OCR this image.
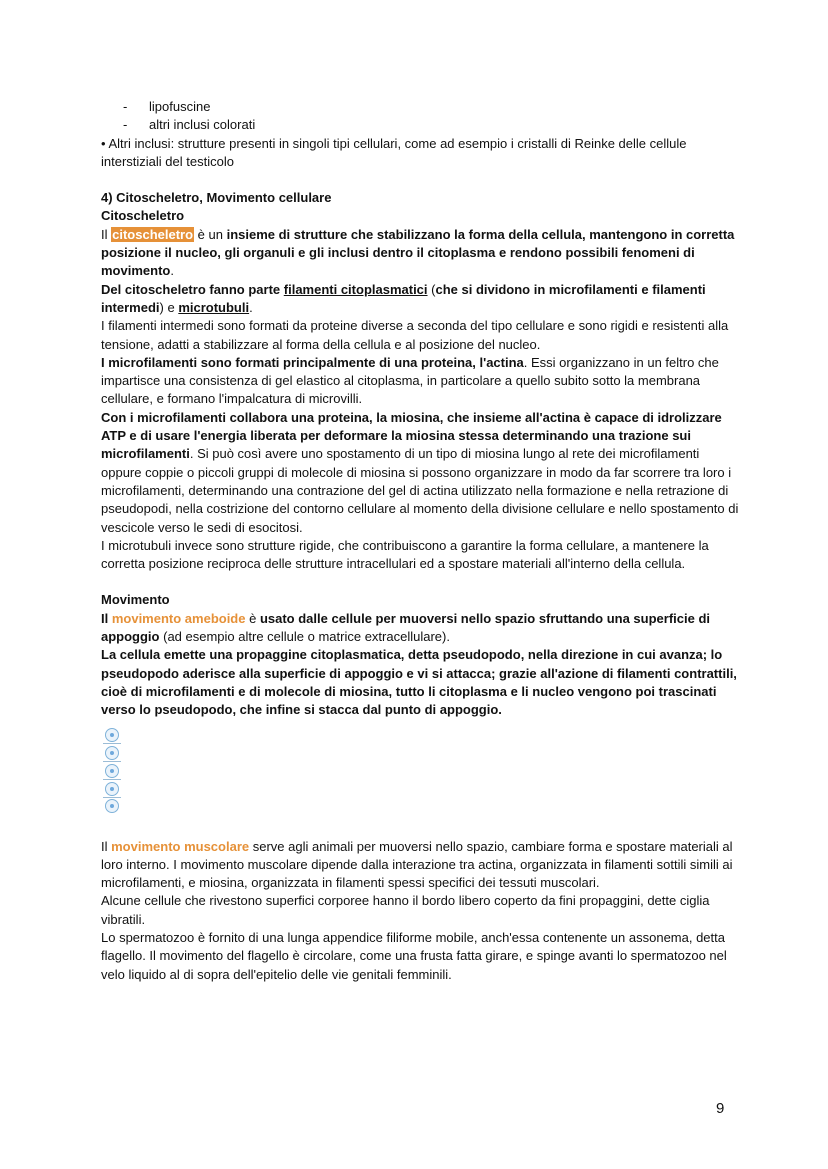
- lipofuscine
- altri inclusi colorati

• Altri inclusi: strutture presenti in singoli tipi cellulari, come ad esempio i cristalli di Reinke delle cellule interstiziali del testicolo

4) Citoscheletro, Movimento cellulare

Citoscheletro

Il citoscheletro è un insieme di strutture che stabilizzano la forma della cellula, mantengono in corretta posizione il nucleo, gli organuli e gli inclusi dentro il citoplasma e rendono possibili fenomeni di movimento.

Del citoscheletro fanno parte filamenti citoplasmatici (che si dividono in microfilamenti e filamenti intermedi) e microtubuli.

I filamenti intermedi sono formati da proteine diverse a seconda del tipo cellulare e sono rigidi e resistenti alla tensione, adatti a stabilizzare al forma della cellula e al posizione del nucleo.

I microfilamenti sono formati principalmente di una proteina, l'actina. Essi organizzano in un feltro che impartisce una consistenza di gel elastico al citoplasma, in particolare a quello subito sotto la membrana cellulare, e formano l'impalcatura di microvilli.

Con i microfilamenti collabora una proteina, la miosina, che insieme all'actina è capace di idrolizzare ATP e di usare l'energia liberata per deformare la miosina stessa determinando una trazione sui microfilamenti. Si può così avere uno spostamento di un tipo di miosina lungo al rete dei microfilamenti oppure coppie o piccoli gruppi di molecole di miosina si possono organizzare in modo da far scorrere tra loro i microfilamenti, determinando una contrazione del gel di actina utilizzato nella formazione e nella retrazione di pseudopodi, nella costrizione del contorno cellulare al momento della divisione cellulare e nello spostamento di vescicole verso le sedi di esocitosi.

I microtubuli invece sono strutture rigide, che contribuiscono a garantire la forma cellulare, a mantenere la corretta posizione reciproca delle strutture intracellulari ed a spostare materiali all'interno della cellula.

Movimento

Il movimento ameboide è usato dalle cellule per muoversi nello spazio sfruttando una superficie di appoggio (ad esempio altre cellule o matrice extracellulare).

La cellula emette una propaggine citoplasmatica, detta pseudopodo, nella direzione in cui avanza; lo pseudopodo aderisce alla superficie di appoggio e vi si attacca; grazie all'azione di filamenti contrattili, cioè di microfilamenti e di molecole di miosina, tutto li citoplasma e li nucleo vengono poi trascinati verso lo pseudopodo, che infine si stacca dal punto di appoggio.

Il movimento muscolare serve agli animali per muoversi nello spazio, cambiare forma e spostare materiali al loro interno. I movimento muscolare dipende dalla interazione tra actina, organizzata in filamenti sottili simili ai microfilamenti, e miosina, organizzata in filamenti spessi specifici dei tessuti muscolari.

Alcune cellule che rivestono superfici corporee hanno il bordo libero coperto da fini propaggini, dette ciglia vibratili.

Lo spermatozoo è fornito di una lunga appendice filiforme mobile, anch'essa contenente un assonema, detta flagello. Il movimento del flagello è circolare, come una frusta fatta girare, e spinge avanti lo spermatozoo nel velo liquido al di sopra dell'epitelio delle vie genitali femminili.

9
